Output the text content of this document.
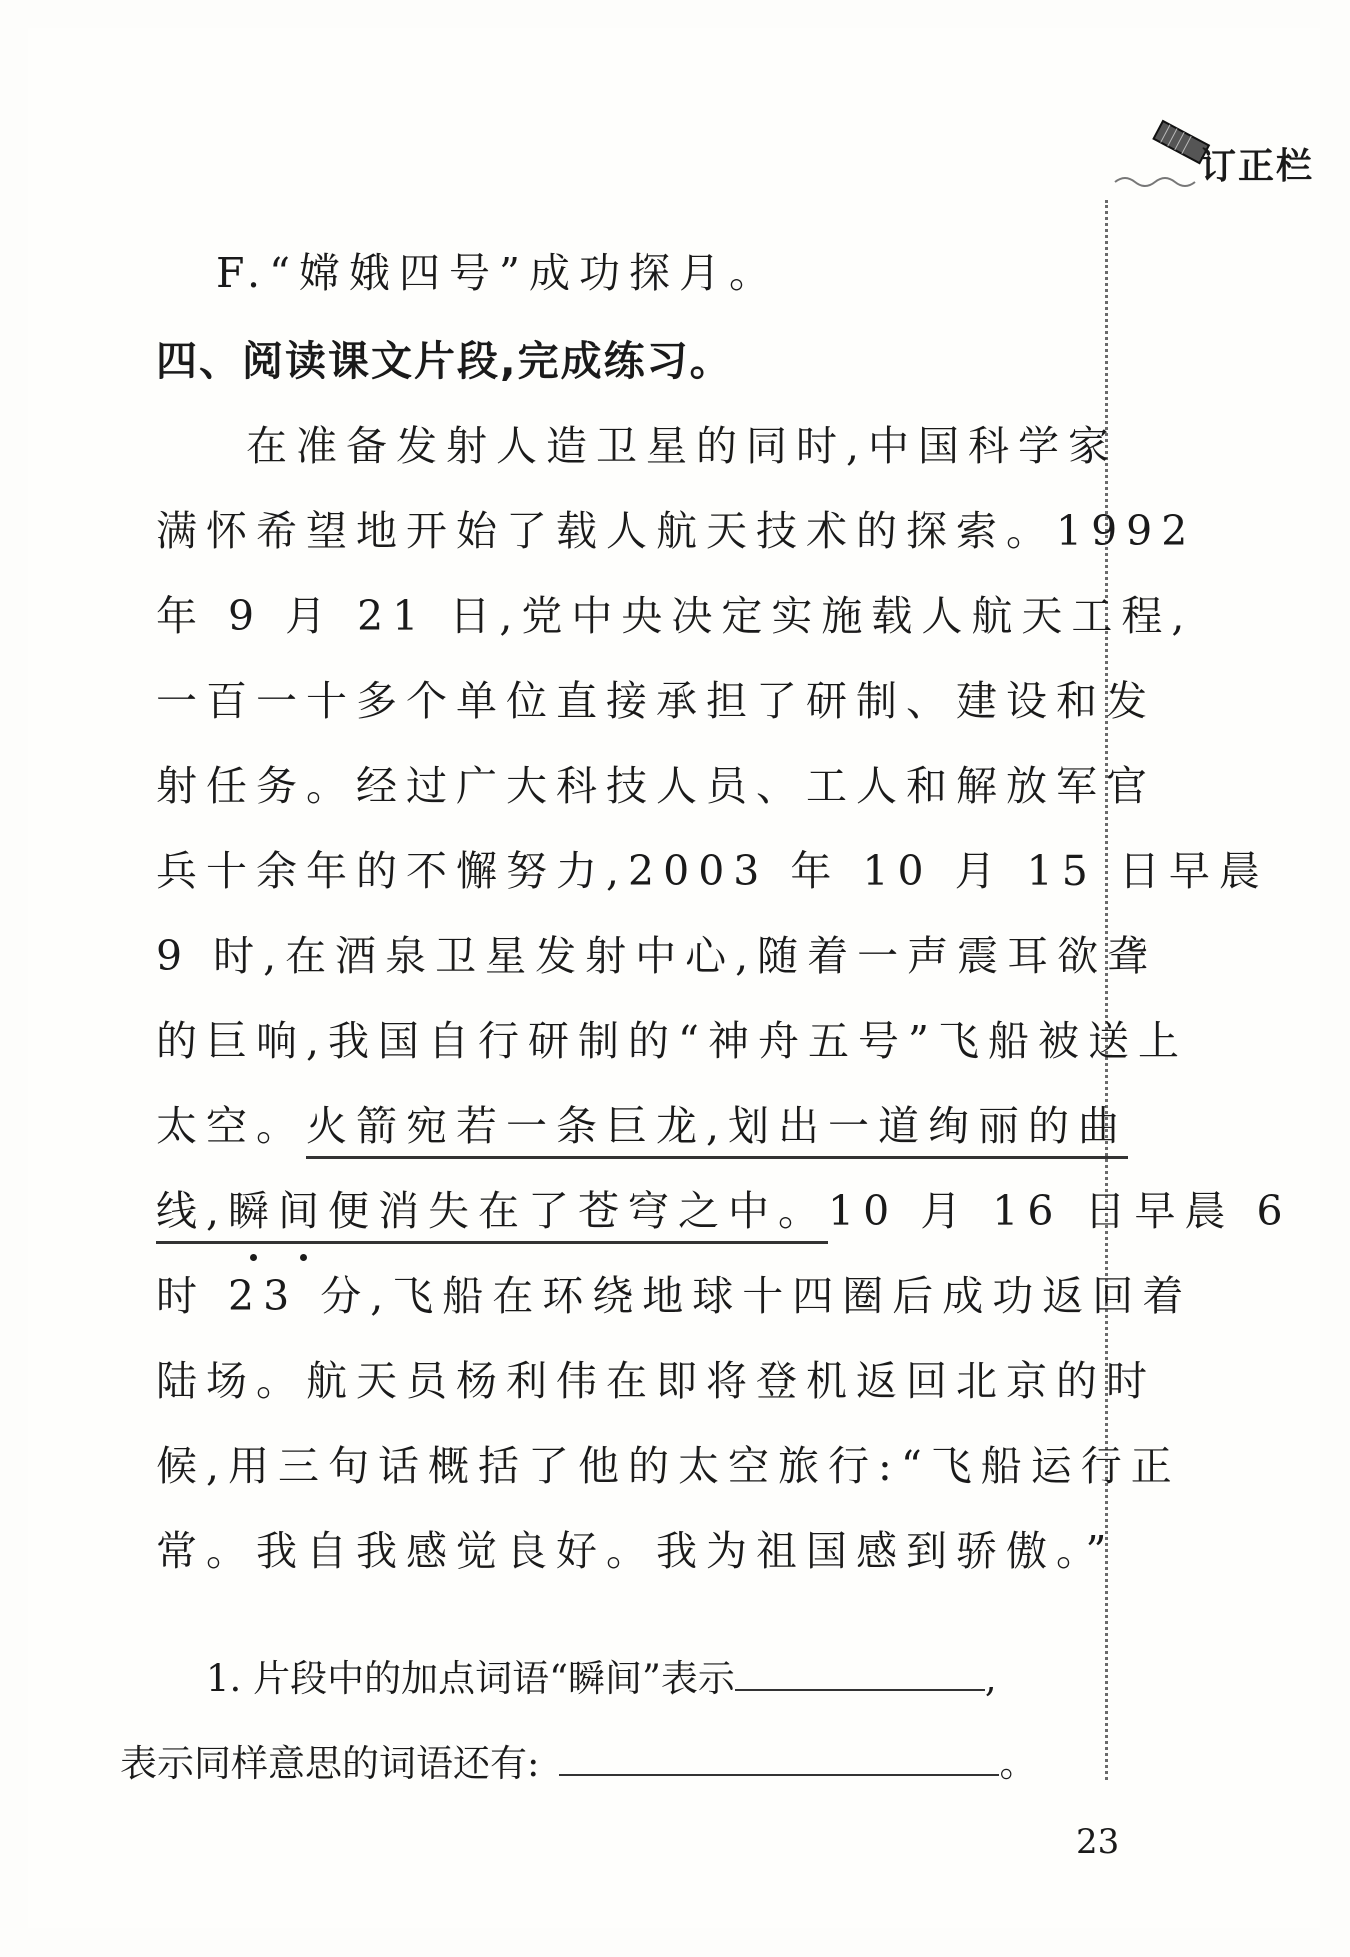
订正栏
F.“嫦娥四号”成功探月。
四、阅读课文片段,完成练习。
在准备发射人造卫星的同时,中国科学家
满怀希望地开始了载人航天技术的探索。1992
年 9 月 21 日,党中央决定实施载人航天工程,
一百一十多个单位直接承担了研制、建设和发
射任务。经过广大科技人员、工人和解放军官
兵十余年的不懈努力,2003 年 10 月 15 日早晨
9 时,在酒泉卫星发射中心,随着一声震耳欲聋
的巨响,我国自行研制的“神舟五号”飞船被送上
太空。火箭宛若一条巨龙,划出一道绚丽的曲
线,瞬间便消失在了苍穹之中。10 月 16 日早晨 6
时 23 分,飞船在环绕地球十四圈后成功返回着
陆场。航天员杨利伟在即将登机返回北京的时
候,用三句话概括了他的太空旅行:“飞船运行正
常。我自我感觉良好。我为祖国感到骄傲。”
1. 片段中的加点词语“瞬间”表示	,
表示同样意思的词语还有:	。
23
